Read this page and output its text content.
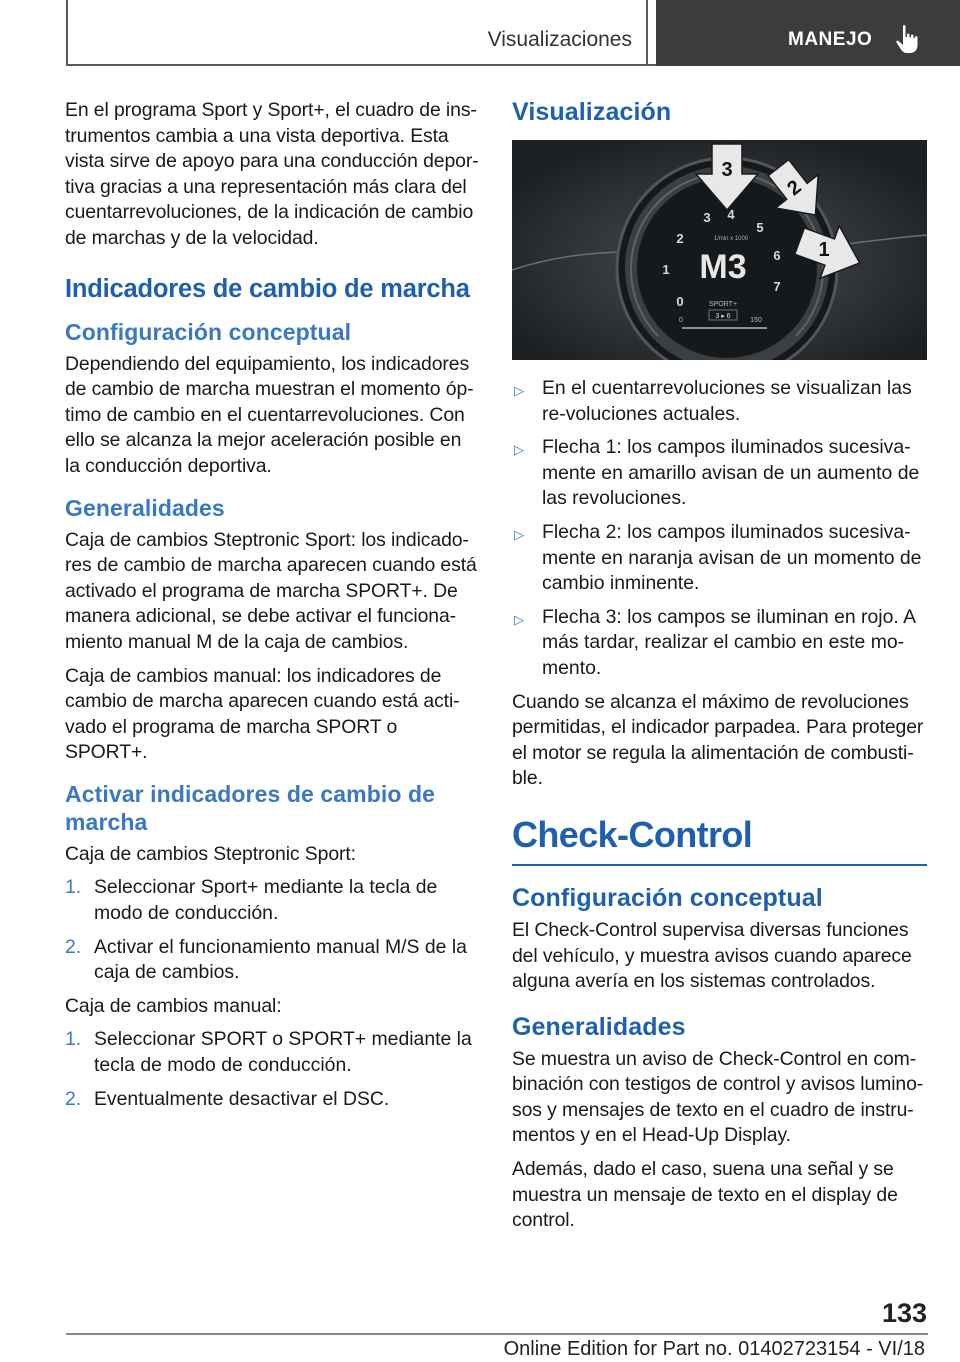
Visualizaciones	MANEJO

En el programa Sport y Sport+, el cuadro de ins-trumentos cambia a una vista deportiva. Esta vista sirve de apoyo para una conducción depor-tiva gracias a una representación más clara del cuentarrevoluciones, de la indicación de cambio de marchas y de la velocidad.

Indicadores de cambio de marcha
Configuración conceptual

Dependiendo del equipamiento, los indicadores de cambio de marcha muestran el momento óp-timo de cambio en el cuentarrevoluciones. Con ello se alcanza la mejor aceleración posible en la conducción deportiva.

Generalidades

Caja de cambios Steptronic Sport: los indicado-res de cambio de marcha aparecen cuando está activado el programa de marcha SPORT+. De manera adicional, se debe activar el funciona-miento manual M de la caja de cambios.

Caja de cambios manual: los indicadores de cambio de marcha aparecen cuando está acti-vado el programa de marcha SPORT o SPORT+.

Activar indicadores de cambio de marcha

Caja de cambios Steptronic Sport:

1. Seleccionar Sport+ mediante la tecla de modo de conducción.
2. Activar el funcionamiento manual M/S de la caja de cambios.

Caja de cambios manual:

1. Seleccionar SPORT o SPORT+ mediante la tecla de modo de conducción.
2. Eventualmente desactivar el DSC.
Visualización
0
1
2
3 4
5
6
7
1/min x 1000
M3
SPORT+
3 ▸ 6
0	150
3
2
1
▷ En el cuentarrevoluciones se visualizan las re-voluciones actuales.
▷ Flecha 1: los campos iluminados sucesiva-mente en amarillo avisan de un aumento de las revoluciones.
▷ Flecha 2: los campos iluminados sucesiva-mente en naranja avisan de un momento de cambio inminente.
▷ Flecha 3: los campos se iluminan en rojo. A más tardar, realizar el cambio en este mo-mento.

Cuando se alcanza el máximo de revoluciones permitidas, el indicador parpadea. Para proteger el motor se regula la alimentación de combusti-ble.

Check-Control
Configuración conceptual

El Check-Control supervisa diversas funciones del vehículo, y muestra avisos cuando aparece alguna avería en los sistemas controlados.

Generalidades

Se muestra un aviso de Check-Control en com-binación con testigos de control y avisos lumino-sos y mensajes de texto en el cuadro de instru-mentos y en el Head-Up Display.

Además, dado el caso, suena una señal y se muestra un mensaje de texto en el display de control.

133
Online Edition for Part no. 01402723154 - VI/18
